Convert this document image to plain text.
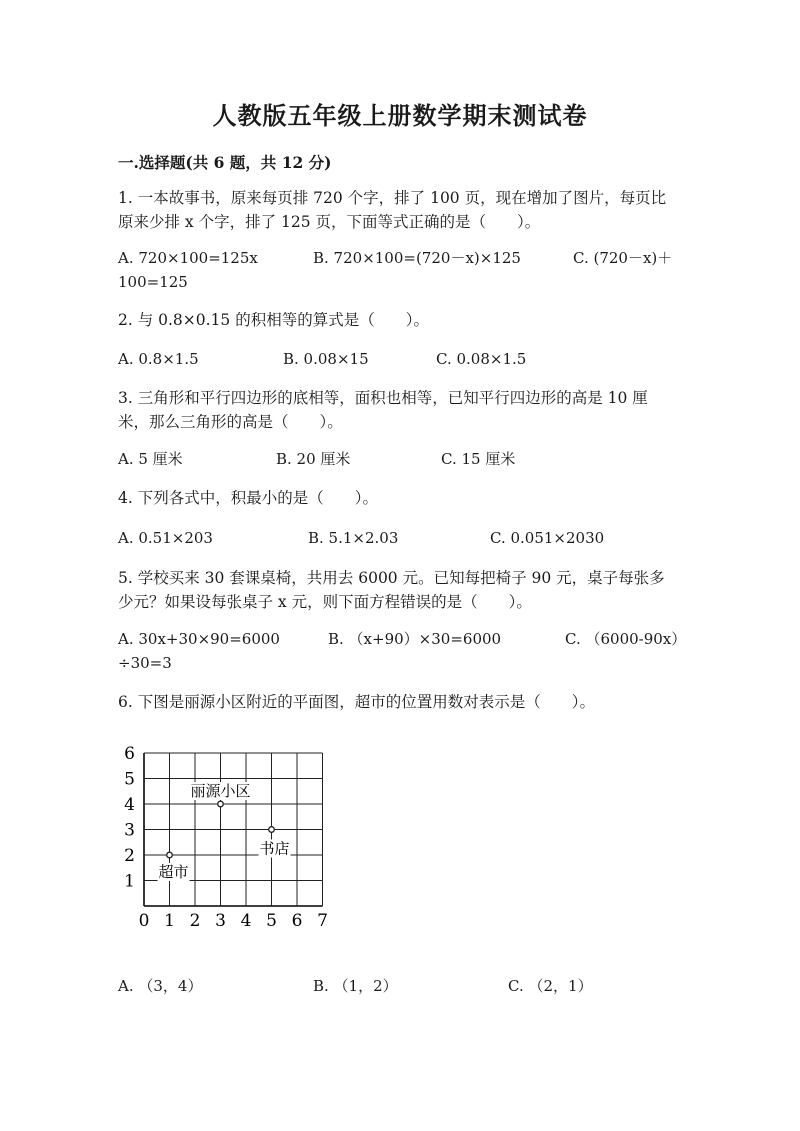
人教版五年级上册数学期末测试卷
一.选择题(共 6 题，共 12 分)
1. 一本故事书，原来每页排 720 个字，排了 100 页，现在增加了图片，每页比原来少排 x 个字，排了 125 页，下面等式正确的是（　　）。
A. 720×100=125x	B. 720×100=(720－x)×125	C. (720－x)＋
100=125
2. 与 0.8×0.15 的积相等的算式是（　　）。
A. 0.8×1.5	B. 0.08×15	C. 0.08×1.5
3. 三角形和平行四边形的底相等，面积也相等，已知平行四边形的高是 10 厘米，那么三角形的高是（　　）。
A. 5 厘米	B. 20 厘米	C. 15 厘米
4. 下列各式中，积最小的是（　　）。
A. 0.51×203	B. 5.1×2.03	C. 0.051×2030
5. 学校买来 30 套课桌椅，共用去 6000 元。已知每把椅子 90 元，桌子每张多少元？如果设每张桌子 x 元，则下面方程错误的是（　　）。
A. 30x+30×90=6000	B. （x+90）×30=6000	C. （6000-90x）
÷30=3
6. 下图是丽源小区附近的平面图，超市的位置用数对表示是（　　）。
0 1 2 3 4 5 6 7
1
2
3
4
5
6
丽源小区
书店
超市
A. （3，4）	B. （1，2）	C. （2，1）
